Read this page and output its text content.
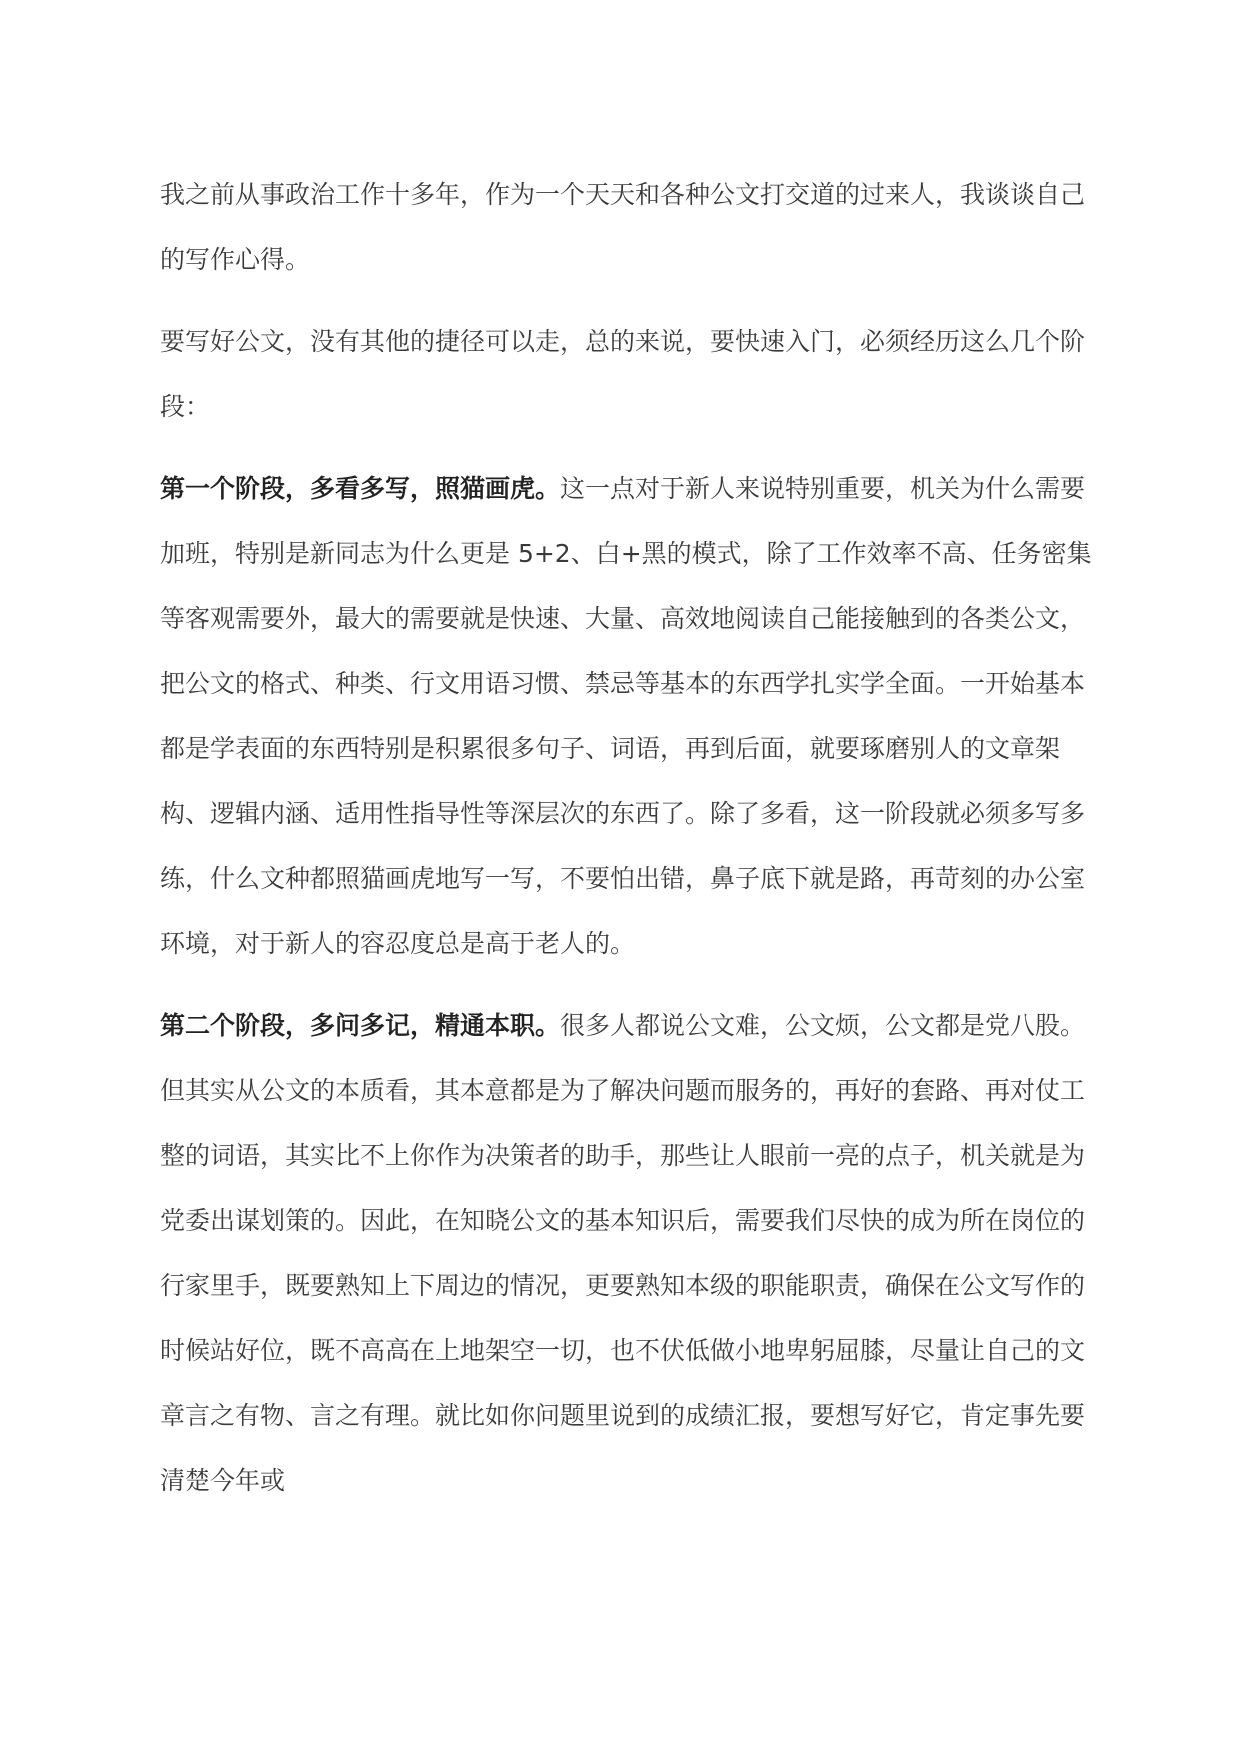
我之前从事政治工作十多年，作为一个天天和各种公文打交道的过来人，我谈谈自己的写作心得。

要写好公文，没有其他的捷径可以走，总的来说，要快速入门，必须经历这么几个阶段：

第一个阶段，多看多写，照猫画虎。这一点对于新人来说特别重要，机关为什么需要加班，特别是新同志为什么更是 5+2、白+黑的模式，除了工作效率不高、任务密集等客观需要外，最大的需要就是快速、大量、高效地阅读自己能接触到的各类公文，把公文的格式、种类、行文用语习惯、禁忌等基本的东西学扎实学全面。一开始基本都是学表面的东西特别是积累很多句子、词语，再到后面，就要琢磨别人的文章架构、逻辑内涵、适用性指导性等深层次的东西了。除了多看，这一阶段就必须多写多练，什么文种都照猫画虎地写一写，不要怕出错，鼻子底下就是路，再苛刻的办公室环境，对于新人的容忍度总是高于老人的。

第二个阶段，多问多记，精通本职。很多人都说公文难，公文烦，公文都是党八股。但其实从公文的本质看，其本意都是为了解决问题而服务的，再好的套路、再对仗工整的词语，其实比不上你作为决策者的助手，那些让人眼前一亮的点子，机关就是为党委出谋划策的。因此，在知晓公文的基本知识后，需要我们尽快的成为所在岗位的行家里手，既要熟知上下周边的情况，更要熟知本级的职能职责，确保在公文写作的时候站好位，既不高高在上地架空一切，也不伏低做小地卑躬屈膝，尽量让自己的文章言之有物、言之有理。就比如你问题里说到的成绩汇报，要想写好它，肯定事先要清楚今年或
